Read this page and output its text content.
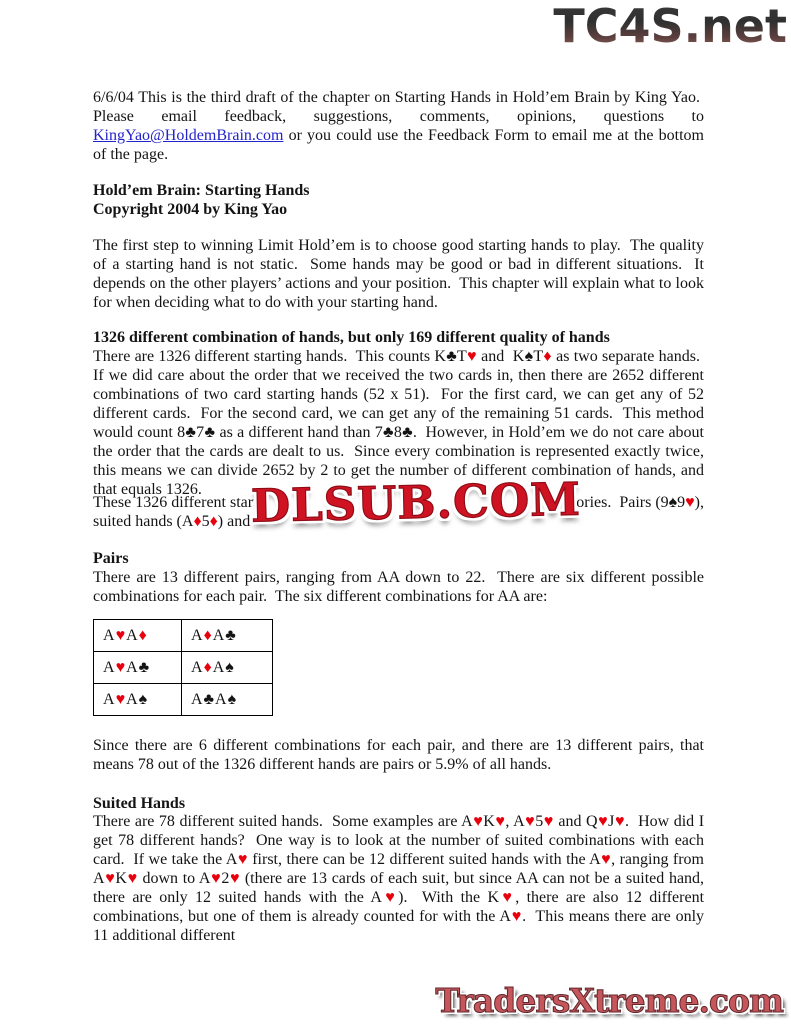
TC4S.net
6/6/04 This is the third draft of the chapter on Starting Hands in Hold’em Brain by King Yao.  Please email feedback, suggestions, comments, opinions, questions to KingYao@HoldemBrain.com or you could use the Feedback Form to email me at the bottom of the page.
Hold’em Brain: Starting Hands
Copyright 2004 by King Yao
The first step to winning Limit Hold’em is to choose good starting hands to play.  The quality of a starting hand is not static.  Some hands may be good or bad in different situations.  It depends on the other players’ actions and your position.  This chapter will explain what to look for when deciding what to do with your starting hand.
1326 different combination of hands, but only 169 different quality of hands
There are 1326 different starting hands.  This counts K♣T♥ and  K♠T♦ as two separate hands.  If we did care about the order that we received the two cards in, then there are 2652 different combinations of two card starting hands (52 x 51).  For the first card, we can get any of 52 different cards.  For the second card, we can get any of the remaining 51 cards.  This method would count 8♣7♣ as a different hand than 7♣8♣.  However, in Hold’em we do not care about the order that the cards are dealt to us.  Since every combination is represented exactly twice, this means we can divide 2652 by 2 to get the number of different combination of hands, and that equals 1326.
These 1326 different starti	tegories.  Pairs (9♠9♥),
suited hands (A♦5♦) and DLSUB.COM
Pairs
There are 13 different pairs, ranging from AA down to 22.  There are six different possible combinations for each pair.  The six different combinations for AA are:
A♥A♦	A♦A♣
A♥A♣	A♦A♠
A♥A♠	A♣A♠
Since there are 6 different combinations for each pair, and there are 13 different pairs, that means 78 out of the 1326 different hands are pairs or 5.9% of all hands.
Suited Hands
There are 78 different suited hands.  Some examples are A♥K♥, A♥5♥ and Q♥J♥.  How did I get 78 different hands?  One way is to look at the number of suited combinations with each card.  If we take the A♥ first, there can be 12 different suited hands with the A♥, ranging from A♥K♥ down to A♥2♥ (there are 13 cards of each suit, but since AA can not be a suited hand, there are only 12 suited hands with the A♥).  With the K♥, there are also 12 different combinations, but one of them is already counted for with the A♥.  This means there are only 11 additional different
TradersXtreme.com
